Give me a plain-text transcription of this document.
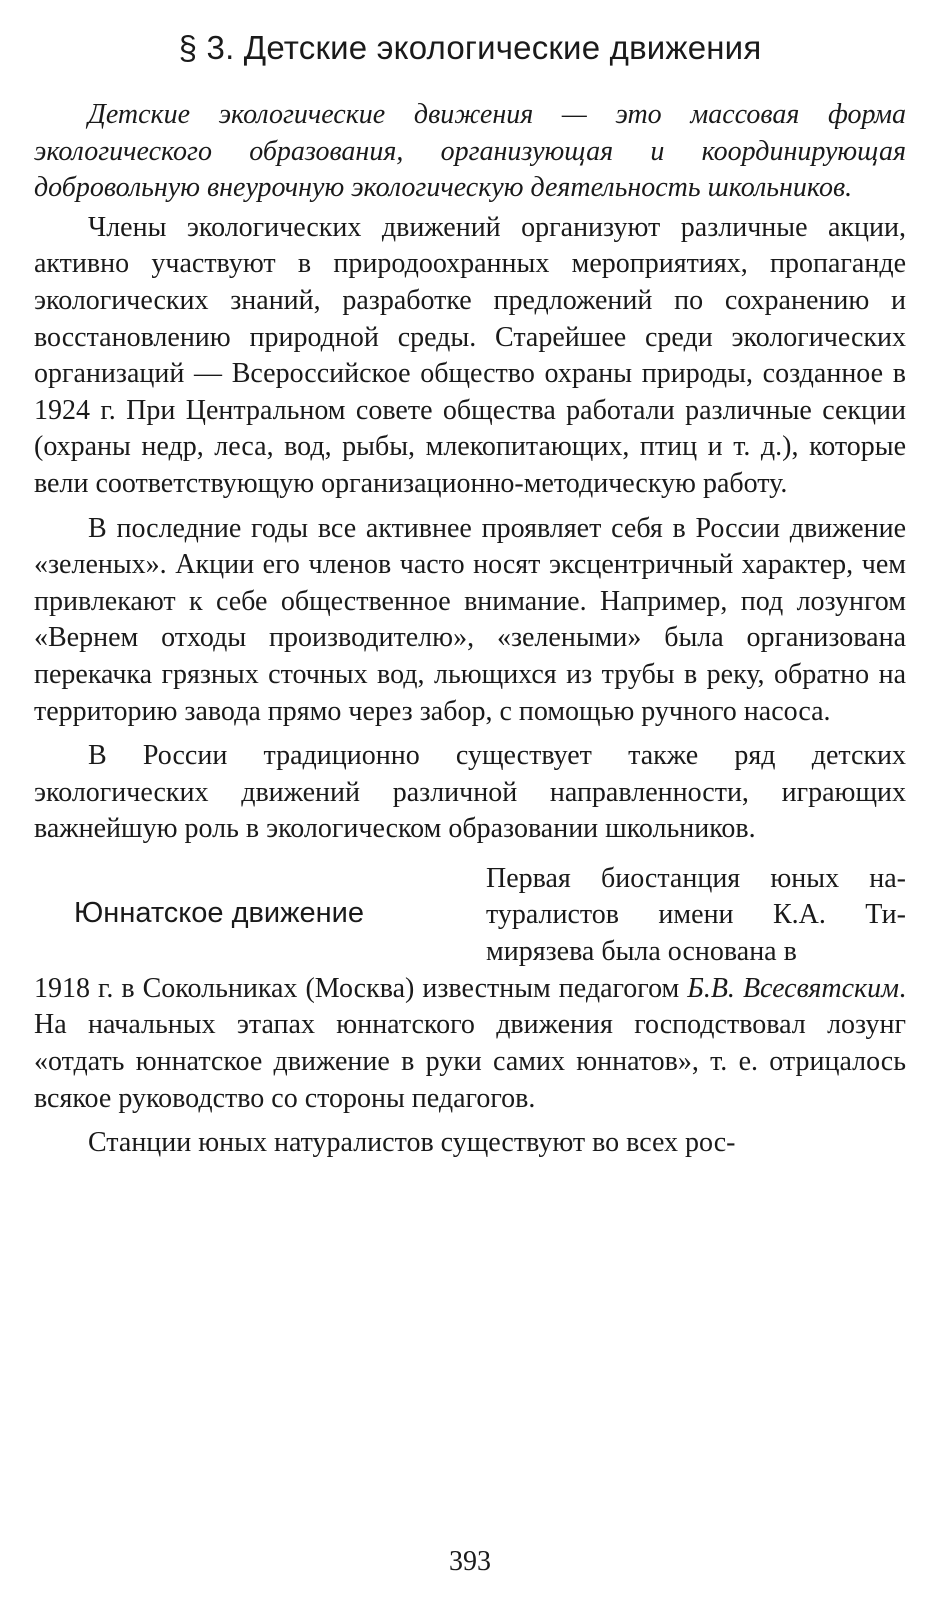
§ 3. Детские экологические движения

Детские экологические движения — это массовая форма экологического образования, организующая и координирующая добровольную внеурочную экологическую деятельность школьников.

Члены экологических движений организуют различные акции, активно участвуют в природоохранных мероприятиях, пропаганде экологических знаний, разработке предложений по сохранению и восстановлению природной среды. Старейшее среди экологических организаций — Всероссийское общество охраны природы, созданное в 1924 г. При Центральном совете общества работали различные секции (охраны недр, леса, вод, рыбы, млекопитающих, птиц и т. д.), которые вели соответствующую организационно-методическую работу.

В последние годы все активнее проявляет себя в России движение «зеленых». Акции его членов часто носят эксцентричный характер, чем привлекают к себе общественное внимание. Например, под лозунгом «Вернем отходы производителю», «зелеными» была организована перекачка грязных сточных вод, льющихся из трубы в реку, обратно на территорию завода прямо через забор, с помощью ручного насоса.

В России традиционно существует также ряд детских экологических движений различной направленности, играющих важнейшую роль в экологическом образовании школьников.

Юннатское движение

Первая биостанция юных натуралистов имени К.А. Тимирязева была основана в

1918 г. в Сокольниках (Москва) известным педагогом Б.В. Всесвятским. На начальных этапах юннатского движения господствовал лозунг «отдать юннатское движение в руки самих юннатов», т. е. отрицалось всякое руководство со стороны педагогов.

Станции юных натуралистов существуют во всех рос-

393
